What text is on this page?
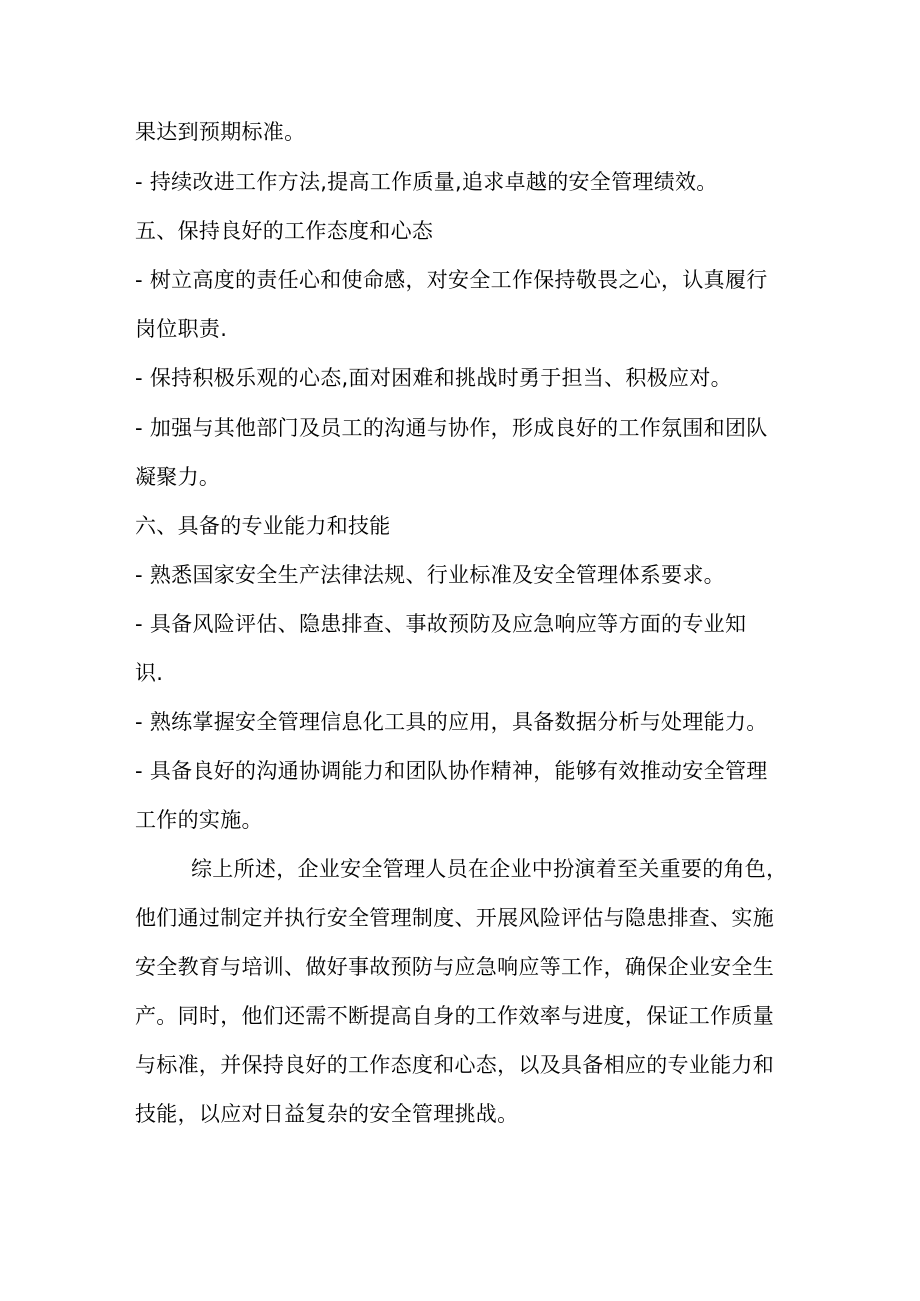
果达到预期标准。
- 持续改进工作方法,提高工作质量,追求卓越的安全管理绩效。
五、保持良好的工作态度和心态
- 树立高度的责任心和使命感，对安全工作保持敬畏之心，认真履行
岗位职责.
- 保持积极乐观的心态,面对困难和挑战时勇于担当、积极应对。
- 加强与其他部门及员工的沟通与协作，形成良好的工作氛围和团队
凝聚力。
六、具备的专业能力和技能
- 熟悉国家安全生产法律法规、行业标准及安全管理体系要求。
- 具备风险评估、隐患排查、事故预防及应急响应等方面的专业知
识.
- 熟练掌握安全管理信息化工具的应用，具备数据分析与处理能力。
- 具备良好的沟通协调能力和团队协作精神，能够有效推动安全管理
工作的实施。
综上所述，企业安全管理人员在企业中扮演着至关重要的角色，
他们通过制定并执行安全管理制度、开展风险评估与隐患排查、实施
安全教育与培训、做好事故预防与应急响应等工作，确保企业安全生
产。同时，他们还需不断提高自身的工作效率与进度，保证工作质量
与标准，并保持良好的工作态度和心态，以及具备相应的专业能力和
技能，以应对日益复杂的安全管理挑战。
